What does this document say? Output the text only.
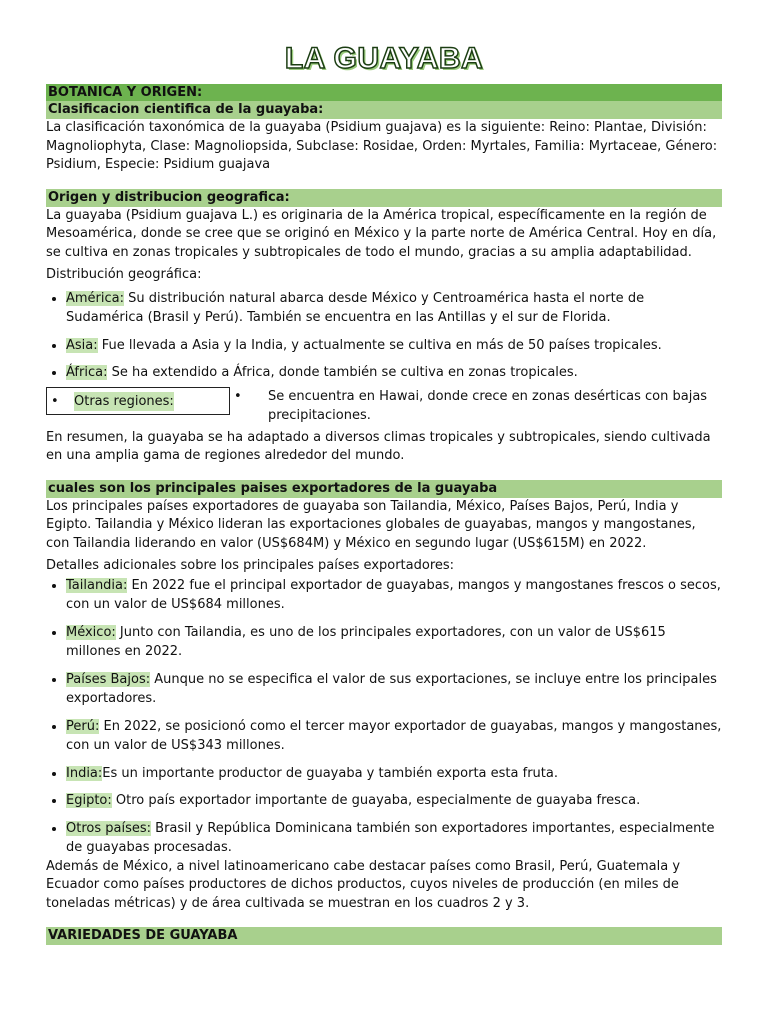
LA GUAYABA
BOTANICA Y ORIGEN:
Clasificacion cientifica de la guayaba:

La clasificación taxonómica de la guayaba (Psidium guajava) es la siguiente: Reino: Plantae, División: Magnoliophyta, Clase: Magnoliopsida, Subclase: Rosidae, Orden: Myrtales, Familia: Myrtaceae, Género: Psidium, Especie: Psidium guajava

Origen y distribucion geografica:

La guayaba (Psidium guajava L.) es originaria de la América tropical, específicamente en la región de Mesoamérica, donde se cree que se originó en México y la parte norte de América Central. Hoy en día, se cultiva en zonas tropicales y subtropicales de todo el mundo, gracias a su amplia adaptabilidad.

Distribución geográfica:

• América: Su distribución natural abarca desde México y Centroamérica hasta el norte de Sudamérica (Brasil y Perú). También se encuentra en las Antillas y el sur de Florida.
• Asia: Fue llevada a Asia y la India, y actualmente se cultiva en más de 50 países tropicales.
• África: Se ha extendido a África, donde también se cultiva en zonas tropicales.
• Otras regiones:	•	Se encuentra en Hawai, donde crece en zonas desérticas con bajas precipitaciones.

En resumen, la guayaba se ha adaptado a diversos climas tropicales y subtropicales, siendo cultivada en una amplia gama de regiones alrededor del mundo.

cuales son los principales paises exportadores de la guayaba

Los principales países exportadores de guayaba son Tailandia, México, Países Bajos, Perú, India y Egipto. Tailandia y México lideran las exportaciones globales de guayabas, mangos y mangostanes, con Tailandia liderando en valor (US$684M) y México en segundo lugar (US$615M) en 2022.

Detalles adicionales sobre los principales países exportadores:

• Tailandia: En 2022 fue el principal exportador de guayabas, mangos y mangostanes frescos o secos, con un valor de US$684 millones.
• México: Junto con Tailandia, es uno de los principales exportadores, con un valor de US$615 millones en 2022.
• Países Bajos: Aunque no se especifica el valor de sus exportaciones, se incluye entre los principales exportadores.
• Perú: En 2022, se posicionó como el tercer mayor exportador de guayabas, mangos y mangostanes, con un valor de US$343 millones.
• India:Es un importante productor de guayaba y también exporta esta fruta.
• Egipto: Otro país exportador importante de guayaba, especialmente de guayaba fresca.
• Otros países: Brasil y República Dominicana también son exportadores importantes, especialmente de guayabas procesadas.

Además de México, a nivel latinoamericano cabe destacar países como Brasil, Perú, Guatemala y Ecuador como países productores de dichos productos, cuyos niveles de producción (en miles de toneladas métricas) y de área cultivada se muestran en los cuadros 2 y 3.

VARIEDADES DE GUAYABA
